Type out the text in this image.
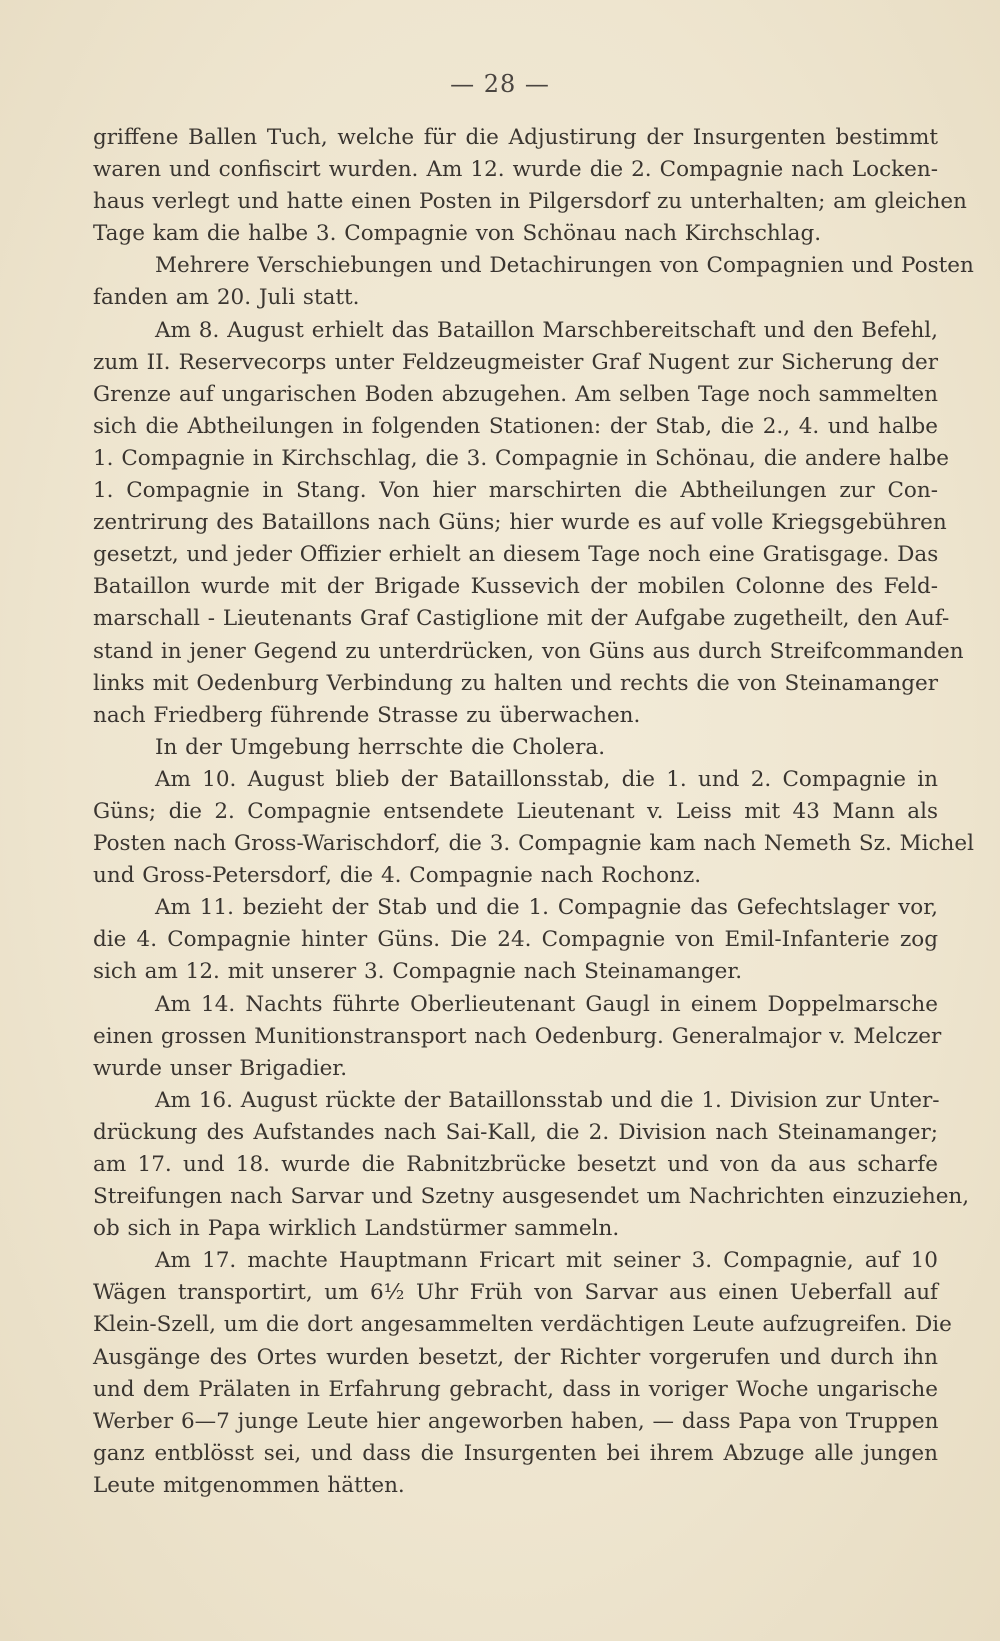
— 28 —
griffene Ballen Tuch, welche für die Adjustirung der Insurgenten bestimmt
waren und confiscirt wurden. Am 12. wurde die 2. Compagnie nach Locken-
haus verlegt und hatte einen Posten in Pilgersdorf zu unterhalten; am gleichen
Tage kam die halbe 3. Compagnie von Schönau nach Kirchschlag.
Mehrere Verschiebungen und Detachirungen von Compagnien und Posten
fanden am 20. Juli statt.
Am 8. August erhielt das Bataillon Marschbereitschaft und den Befehl,
zum II. Reservecorps unter Feldzeugmeister Graf Nugent zur Sicherung der
Grenze auf ungarischen Boden abzugehen. Am selben Tage noch sammelten
sich die Abtheilungen in folgenden Stationen: der Stab, die 2., 4. und halbe
1. Compagnie in Kirchschlag, die 3. Compagnie in Schönau, die andere halbe
1. Compagnie in Stang. Von hier marschirten die Abtheilungen zur Con-
zentrirung des Bataillons nach Güns; hier wurde es auf volle Kriegsgebühren
gesetzt, und jeder Offizier erhielt an diesem Tage noch eine Gratisgage. Das
Bataillon wurde mit der Brigade Kussevich der mobilen Colonne des Feld-
marschall - Lieutenants Graf Castiglione mit der Aufgabe zugetheilt, den Auf-
stand in jener Gegend zu unterdrücken, von Güns aus durch Streifcommanden
links mit Oedenburg Verbindung zu halten und rechts die von Steinamanger
nach Friedberg führende Strasse zu überwachen.
In der Umgebung herrschte die Cholera.
Am 10. August blieb der Bataillonsstab, die 1. und 2. Compagnie in
Güns; die 2. Compagnie entsendete Lieutenant v. Leiss mit 43 Mann als
Posten nach Gross-Warischdorf, die 3. Compagnie kam nach Nemeth Sz. Michel
und Gross-Petersdorf, die 4. Compagnie nach Rochonz.
Am 11. bezieht der Stab und die 1. Compagnie das Gefechtslager vor,
die 4. Compagnie hinter Güns. Die 24. Compagnie von Emil-Infanterie zog
sich am 12. mit unserer 3. Compagnie nach Steinamanger.
Am 14. Nachts führte Oberlieutenant Gaugl in einem Doppelmarsche
einen grossen Munitionstransport nach Oedenburg. Generalmajor v. Melczer
wurde unser Brigadier.
Am 16. August rückte der Bataillonsstab und die 1. Division zur Unter-
drückung des Aufstandes nach Sai-Kall, die 2. Division nach Steinamanger;
am 17. und 18. wurde die Rabnitzbrücke besetzt und von da aus scharfe
Streifungen nach Sarvar und Szetny ausgesendet um Nachrichten einzuziehen,
ob sich in Papa wirklich Landstürmer sammeln.
Am 17. machte Hauptmann Fricart mit seiner 3. Compagnie, auf 10
Wägen transportirt, um 6½ Uhr Früh von Sarvar aus einen Ueberfall auf
Klein-Szell, um die dort angesammelten verdächtigen Leute aufzugreifen. Die
Ausgänge des Ortes wurden besetzt, der Richter vorgerufen und durch ihn
und dem Prälaten in Erfahrung gebracht, dass in voriger Woche ungarische
Werber 6—7 junge Leute hier angeworben haben, — dass Papa von Truppen
ganz entblösst sei, und dass die Insurgenten bei ihrem Abzuge alle jungen
Leute mitgenommen hätten.
